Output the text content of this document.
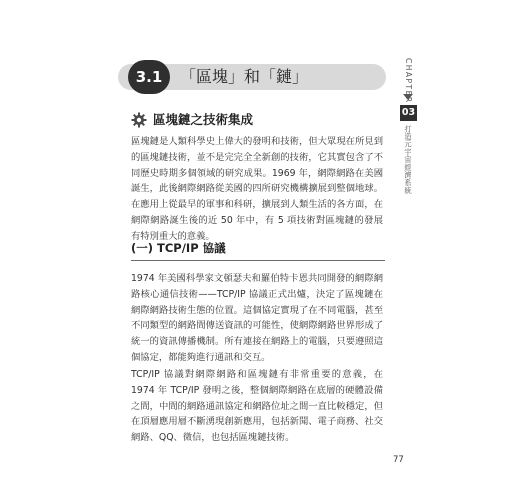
3.1	「區塊」和「鏈」
區塊鏈之技術集成

區塊鏈是人類科學史上偉大的發明和技術，但大眾現在所見到的區塊鏈技術，並不是完完全全新創的技術，它其實包含了不同歷史時期多個領域的研究成果。1969 年，網際網路在美國誕生，此後網際網路從美國的四所研究機構擴展到整個地球。在應用上從最早的軍事和科研，擴展到人類生活的各方面，在網際網路誕生後的近 50 年中，有 5 項技術對區塊鏈的發展有特別重大的意義。

(一) TCP/IP 協議

1974 年美國科學家文頓瑟夫和羅伯特卡恩共同開發的網際網路核心通信技術——TCP/IP 協議正式出爐，決定了區塊鏈在網際網路技術生態的位置。這個協定實現了在不同電腦，甚至不同類型的網路間傳送資訊的可能性，使網際網路世界形成了統一的資訊傳播機制。所有連接在網路上的電腦，只要遵照這個協定，都能夠進行通訊和交互。

TCP/IP 協議對網際網路和區塊鏈有非常重要的意義，在 1974 年 TCP/IP 發明之後，整個網際網路在底層的硬體設備之間，中間的網路通訊協定和網路位址之間一直比較穩定，但在頂層應用層不斷湧現創新應用，包括新聞、電子商務、社交網路、QQ、微信，也包括區塊鏈技術。

CHAPTER
03
打造元宇宙經濟系統
77
